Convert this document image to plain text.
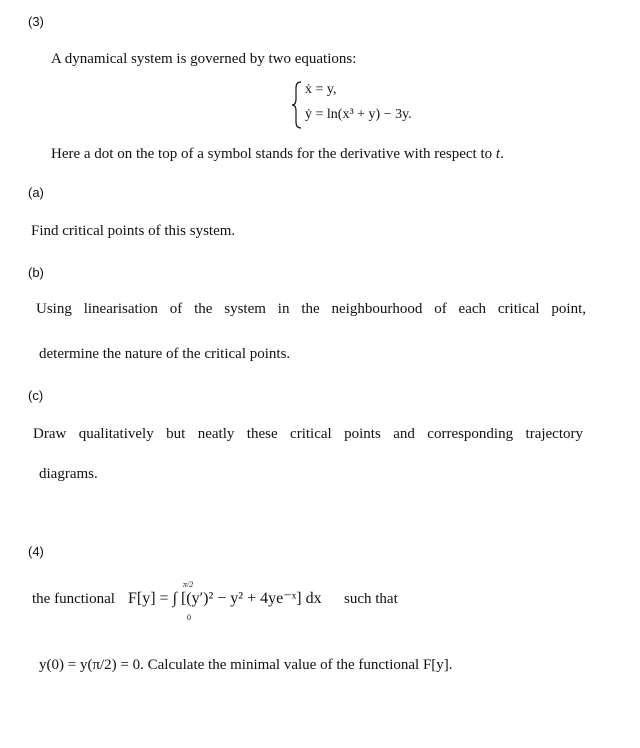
(3)
A dynamical system is governed by two equations:
ẋ = y,
ẏ = ln(x³ + y) − 3y.
Here a dot on the top of a symbol stands for the derivative with respect to t.
(a)
Find critical points of this system.
(b)
Using linearisation of the system in the neighbourhood of each critical point,
determine the nature of the critical points.
(c)
Draw qualitatively but neatly these critical points and corresponding trajectory
diagrams.
(4)
the functional
π/2
0
F[y] = ∫ [(y′)² − y² + 4ye⁻ˣ] dx such that
y(0) = y(π/2) = 0. Calculate the minimal value of the functional F[y].
